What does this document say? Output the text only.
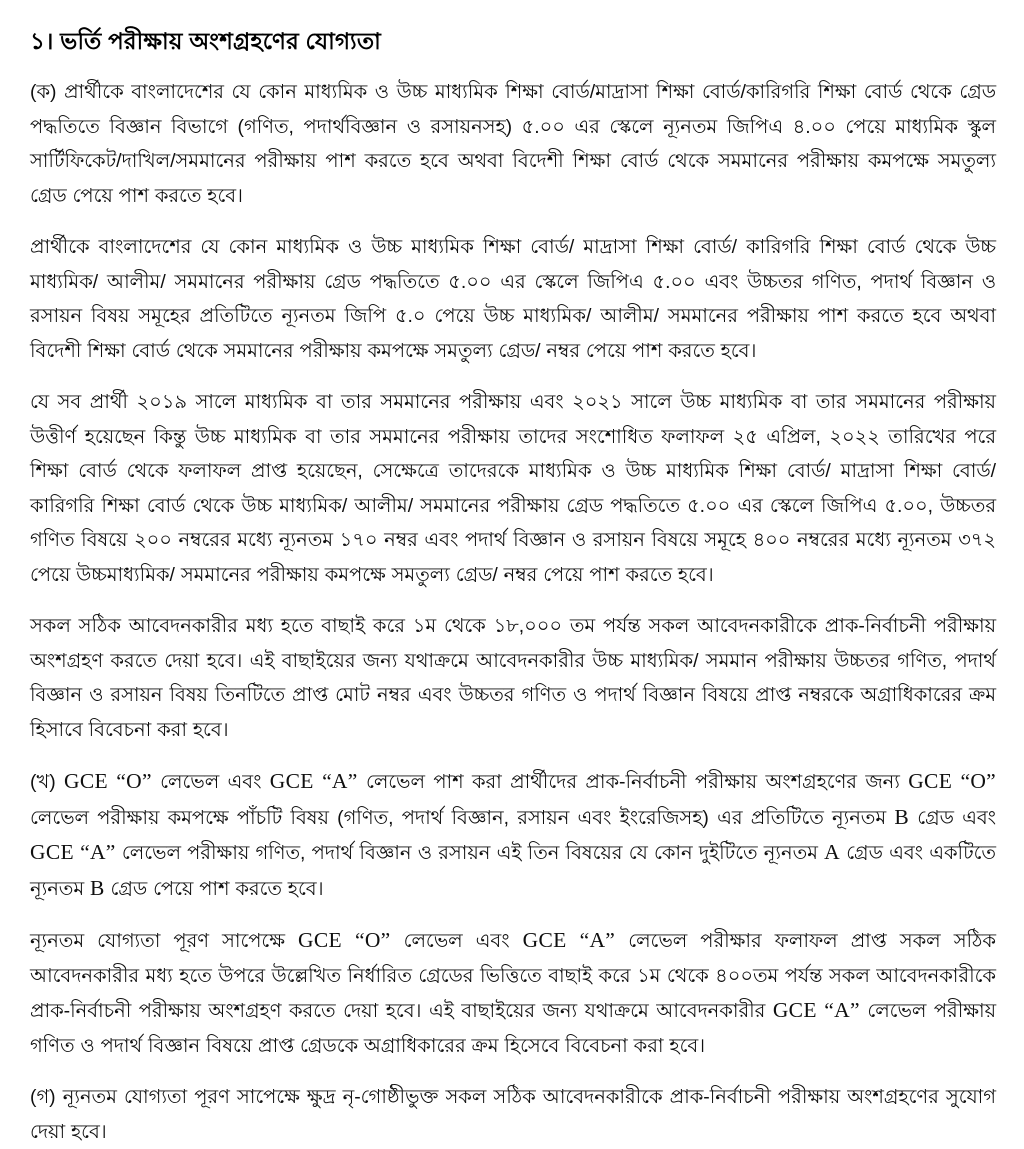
১। ভর্তি পরীক্ষায় অংশগ্রহণের যোগ্যতা

(ক) প্রার্থীকে বাংলাদেশের যে কোন মাধ্যমিক ও উচ্চ মাধ্যমিক শিক্ষা বোর্ড/মাদ্রাসা শিক্ষা বোর্ড/কারিগরি শিক্ষা বোর্ড থেকে গ্রেড পদ্ধতিতে বিজ্ঞান বিভাগে (গণিত, পদার্থবিজ্ঞান ও রসায়নসহ) ৫.০০ এর স্কেলে ন্যূনতম জিপিএ ৪.০০ পেয়ে মাধ্যমিক স্কুল সার্টিফিকেট/দাখিল/সমমানের পরীক্ষায় পাশ করতে হবে অথবা বিদেশী শিক্ষা বোর্ড থেকে সমমানের পরীক্ষায় কমপক্ষে সমতুল্য গ্রেড পেয়ে পাশ করতে হবে।

প্রার্থীকে বাংলাদেশের যে কোন মাধ্যমিক ও উচ্চ মাধ্যমিক শিক্ষা বোর্ড/ মাদ্রাসা শিক্ষা বোর্ড/ কারিগরি শিক্ষা বোর্ড থেকে উচ্চ মাধ্যমিক/ আলীম/ সমমানের পরীক্ষায় গ্রেড পদ্ধতিতে ৫.০০ এর স্কেলে জিপিএ ৫.০০ এবং উচ্চতর গণিত, পদার্থ বিজ্ঞান ও রসায়ন বিষয় সমূহের প্রতিটিতে ন্যূনতম জিপি ৫.০ পেয়ে উচ্চ মাধ্যমিক/ আলীম/ সমমানের পরীক্ষায় পাশ করতে হবে অথবা বিদেশী শিক্ষা বোর্ড থেকে সমমানের পরীক্ষায় কমপক্ষে সমতুল্য গ্রেড/ নম্বর পেয়ে পাশ করতে হবে।

যে সব প্রার্থী ২০১৯ সালে মাধ্যমিক বা তার সমমানের পরীক্ষায় এবং ২০২১ সালে উচ্চ মাধ্যমিক বা তার সমমানের পরীক্ষায় উত্তীর্ণ হয়েছেন কিন্তু উচ্চ মাধ্যমিক বা তার সমমানের পরীক্ষায় তাদের সংশোধিত ফলাফল ২৫ এপ্রিল, ২০২২ তারিখের পরে শিক্ষা বোর্ড থেকে ফলাফল প্রাপ্ত হয়েছেন, সেক্ষেত্রে তাদেরকে মাধ্যমিক ও উচ্চ মাধ্যমিক শিক্ষা বোর্ড/ মাদ্রাসা শিক্ষা বোর্ড/ কারিগরি শিক্ষা বোর্ড থেকে উচ্চ মাধ্যমিক/ আলীম/ সমমানের পরীক্ষায় গ্রেড পদ্ধতিতে ৫.০০ এর স্কেলে জিপিএ ৫.০০, উচ্চতর গণিত বিষয়ে ২০০ নম্বরের মধ্যে ন্যূনতম ১৭০ নম্বর এবং পদার্থ বিজ্ঞান ও রসায়ন বিষয়ে সমূহে ৪০০ নম্বরের মধ্যে ন্যূনতম ৩৭২ পেয়ে উচ্চমাধ্যমিক/ সমমানের পরীক্ষায় কমপক্ষে সমতুল্য গ্রেড/ নম্বর পেয়ে পাশ করতে হবে।

সকল সঠিক আবেদনকারীর মধ্য হতে বাছাই করে ১ম থেকে ১৮,০০০ তম পর্যন্ত সকল আবেদনকারীকে প্রাক-নির্বাচনী পরীক্ষায় অংশগ্রহণ করতে দেয়া হবে। এই বাছাইয়ের জন্য যথাক্রমে আবেদনকারীর উচ্চ মাধ্যমিক/ সমমান পরীক্ষায় উচ্চতর গণিত, পদার্থ বিজ্ঞান ও রসায়ন বিষয় তিনটিতে প্রাপ্ত মোট নম্বর এবং উচ্চতর গণিত ও পদার্থ বিজ্ঞান বিষয়ে প্রাপ্ত নম্বরকে অগ্রাধিকারের ক্রম হিসাবে বিবেচনা করা হবে।

(খ) GCE “O” লেভেল এবং GCE “A” লেভেল পাশ করা প্রার্থীদের প্রাক-নির্বাচনী পরীক্ষায় অংশগ্রহণের জন্য GCE “O” লেভেল পরীক্ষায় কমপক্ষে পাঁচটি বিষয় (গণিত, পদার্থ বিজ্ঞান, রসায়ন এবং ইংরেজিসহ) এর প্রতিটিতে ন্যূনতম B গ্রেড এবং GCE “A” লেভেল পরীক্ষায় গণিত, পদার্থ বিজ্ঞান ও রসায়ন এই তিন বিষয়ের যে কোন দুইটিতে ন্যূনতম A গ্রেড এবং একটিতে ন্যূনতম B গ্রেড পেয়ে পাশ করতে হবে।

ন্যূনতম যোগ্যতা পূরণ সাপেক্ষে GCE “O” লেভেল এবং GCE “A” লেভেল পরীক্ষার ফলাফল প্রাপ্ত সকল সঠিক আবেদনকারীর মধ্য হতে উপরে উল্লেখিত নির্ধারিত গ্রেডের ভিত্তিতে বাছাই করে ১ম থেকে ৪০০তম পর্যন্ত সকল আবেদনকারীকে প্রাক-নির্বাচনী পরীক্ষায় অংশগ্রহণ করতে দেয়া হবে। এই বাছাইয়ের জন্য যথাক্রমে আবেদনকারীর GCE “A” লেভেল পরীক্ষায় গণিত ও পদার্থ বিজ্ঞান বিষয়ে প্রাপ্ত গ্রেডকে অগ্রাধিকারের ক্রম হিসেবে বিবেচনা করা হবে।

(গ) ন্যূনতম যোগ্যতা পূরণ সাপেক্ষে ক্ষুদ্র নৃ-গোষ্ঠীভুক্ত সকল সঠিক আবেদনকারীকে প্রাক-নির্বাচনী পরীক্ষায় অংশগ্রহণের সুযোগ দেয়া হবে।
